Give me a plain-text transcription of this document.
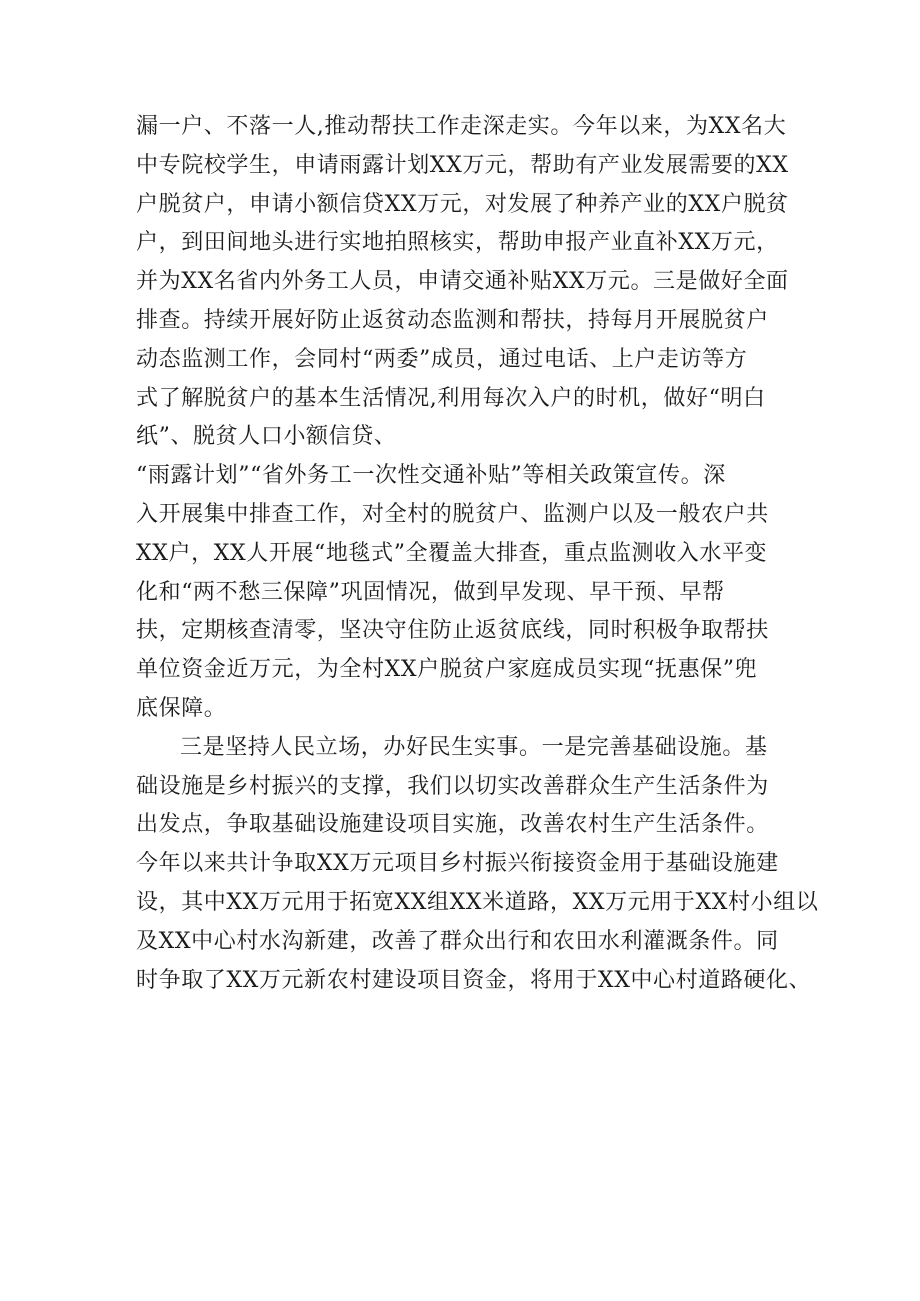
漏一户、不落一人,推动帮扶工作走深走实。今年以来，为XX名大
中专院校学生，申请雨露计划XX万元，帮助有产业发展需要的XX
户脱贫户，申请小额信贷XX万元，对发展了种养产业的XX户脱贫
户，到田间地头进行实地拍照核实，帮助申报产业直补XX万元，
并为XX名省内外务工人员，申请交通补贴XX万元。三是做好全面
排查。持续开展好防止返贫动态监测和帮扶，持每月开展脱贫户
动态监测工作，会同村“两委”成员，通过电话、上户走访等方
式了解脱贫户的基本生活情况,利用每次入户的时机，做好“明白
纸”、脱贫人口小额信贷、
“雨露计划”“省外务工一次性交通补贴”等相关政策宣传。深
入开展集中排查工作，对全村的脱贫户、监测户以及一般农户共
XX户，XX人开展“地毯式”全覆盖大排查，重点监测收入水平变
化和“两不愁三保障”巩固情况，做到早发现、早干预、早帮
扶，定期核查清零，坚决守住防止返贫底线，同时积极争取帮扶
单位资金近万元，为全村XX户脱贫户家庭成员实现“抚惠保”兜
底保障。
三是坚持人民立场，办好民生实事。一是完善基础设施。基
础设施是乡村振兴的支撑，我们以切实改善群众生产生活条件为
出发点，争取基础设施建设项目实施，改善农村生产生活条件。
今年以来共计争取XX万元项目乡村振兴衔接资金用于基础设施建
设，其中XX万元用于拓宽XX组XX米道路，XX万元用于XX村小组以
及XX中心村水沟新建，改善了群众出行和农田水利灌溉条件。同
时争取了XX万元新农村建设项目资金，将用于XX中心村道路硬化、
